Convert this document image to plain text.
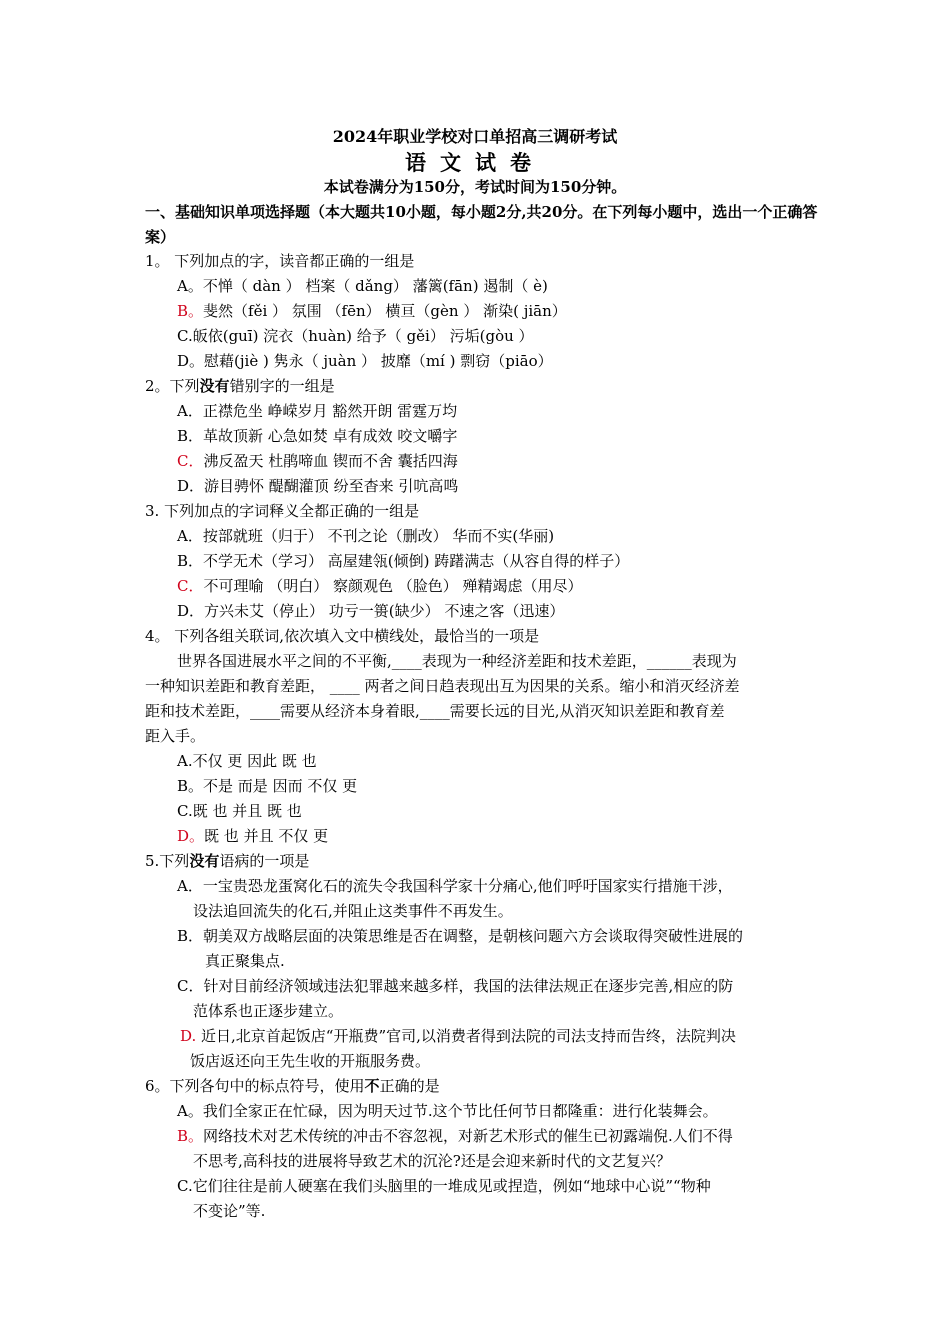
2024年职业学校对口单招高三调研考试
语文试卷
本试卷满分为150分，考试时间为150分钟。
一、基础知识单项选择题（本大题共10小题，每小题2分,共20分。在下列每小题中，选出一个正确答案）
1。 下列加点的字，读音都正确的一组是
A。不惮（ dàn ） 档案（ dǎng） 藩篱(fān) 遏制（ è)
B。斐然（fěi ） 氛围 （fēn） 横亘（gèn ） 渐染( jiān）
C.皈依(guī) 浣衣（huàn) 给予（ gěi） 污垢(gòu ）
D。慰藉(jiè ) 隽永（ juàn ） 披靡（mí ) 剽窃（piāo）
2。下列没有错别字的一组是
A．正襟危坐 峥嵘岁月 豁然开朗 雷霆万均
B．革故顶新 心急如焚 卓有成效 咬文嚼字
C．沸反盈天 杜鹃啼血 锲而不舍 囊括四海
D．游目骋怀 醍醐灌顶 纷至杳来 引吭高鸣
3. 下列加点的字词释义全都正确的一组是
A．按部就班（归于） 不刊之论（删改） 华而不实(华丽)
B．不学无术（学习） 高屋建瓴(倾倒) 踌躇满志（从容自得的样子）
C．不可理喻 （明白） 察颜观色 （脸色） 殚精竭虑（用尽）
D．方兴未艾（停止） 功亏一篑(缺少） 不速之客（迅速）
4。 下列各组关联词,依次填入文中横线处，最恰当的一项是
世界各国进展水平之间的不平衡,____表现为一种经济差距和技术差距，______表现为
一种知识差距和教育差距， ____ 两者之间日趋表现出互为因果的关系。缩小和消灭经济差
距和技术差距，____需要从经济本身着眼,____需要长远的目光,从消灭知识差距和教育差
距入手。
A.不仅 更 因此 既 也
B。不是 而是 因而 不仅 更
C.既 也 并且 既 也
D。既 也 并且 不仅 更
5.下列没有语病的一项是
A．一宝贵恐龙蛋窝化石的流失令我国科学家十分痛心,他们呼吁国家实行措施干涉，
设法追回流失的化石,并阻止这类事件不再发生。
B．朝美双方战略层面的决策思维是否在调整，是朝核问题六方会谈取得突破性进展的
真正聚集点.
C．针对目前经济领域违法犯罪越来越多样，我国的法律法规正在逐步完善,相应的防
范体系也正逐步建立。
D. 近日,北京首起饭店“开瓶费”官司,以消费者得到法院的司法支持而告终，法院判决
饭店返还向王先生收的开瓶服务费。
6。下列各句中的标点符号，使用不正确的是
A。我们全家正在忙碌，因为明天过节.这个节比任何节日都隆重：进行化装舞会。
B。网络技术对艺术传统的冲击不容忽视，对新艺术形式的催生已初露端倪.人们不得
不思考,高科技的进展将导致艺术的沉沦?还是会迎来新时代的文艺复兴？
C.它们往往是前人硬塞在我们头脑里的一堆成见或捏造，例如“地球中心说”“物种
不变论”等.
